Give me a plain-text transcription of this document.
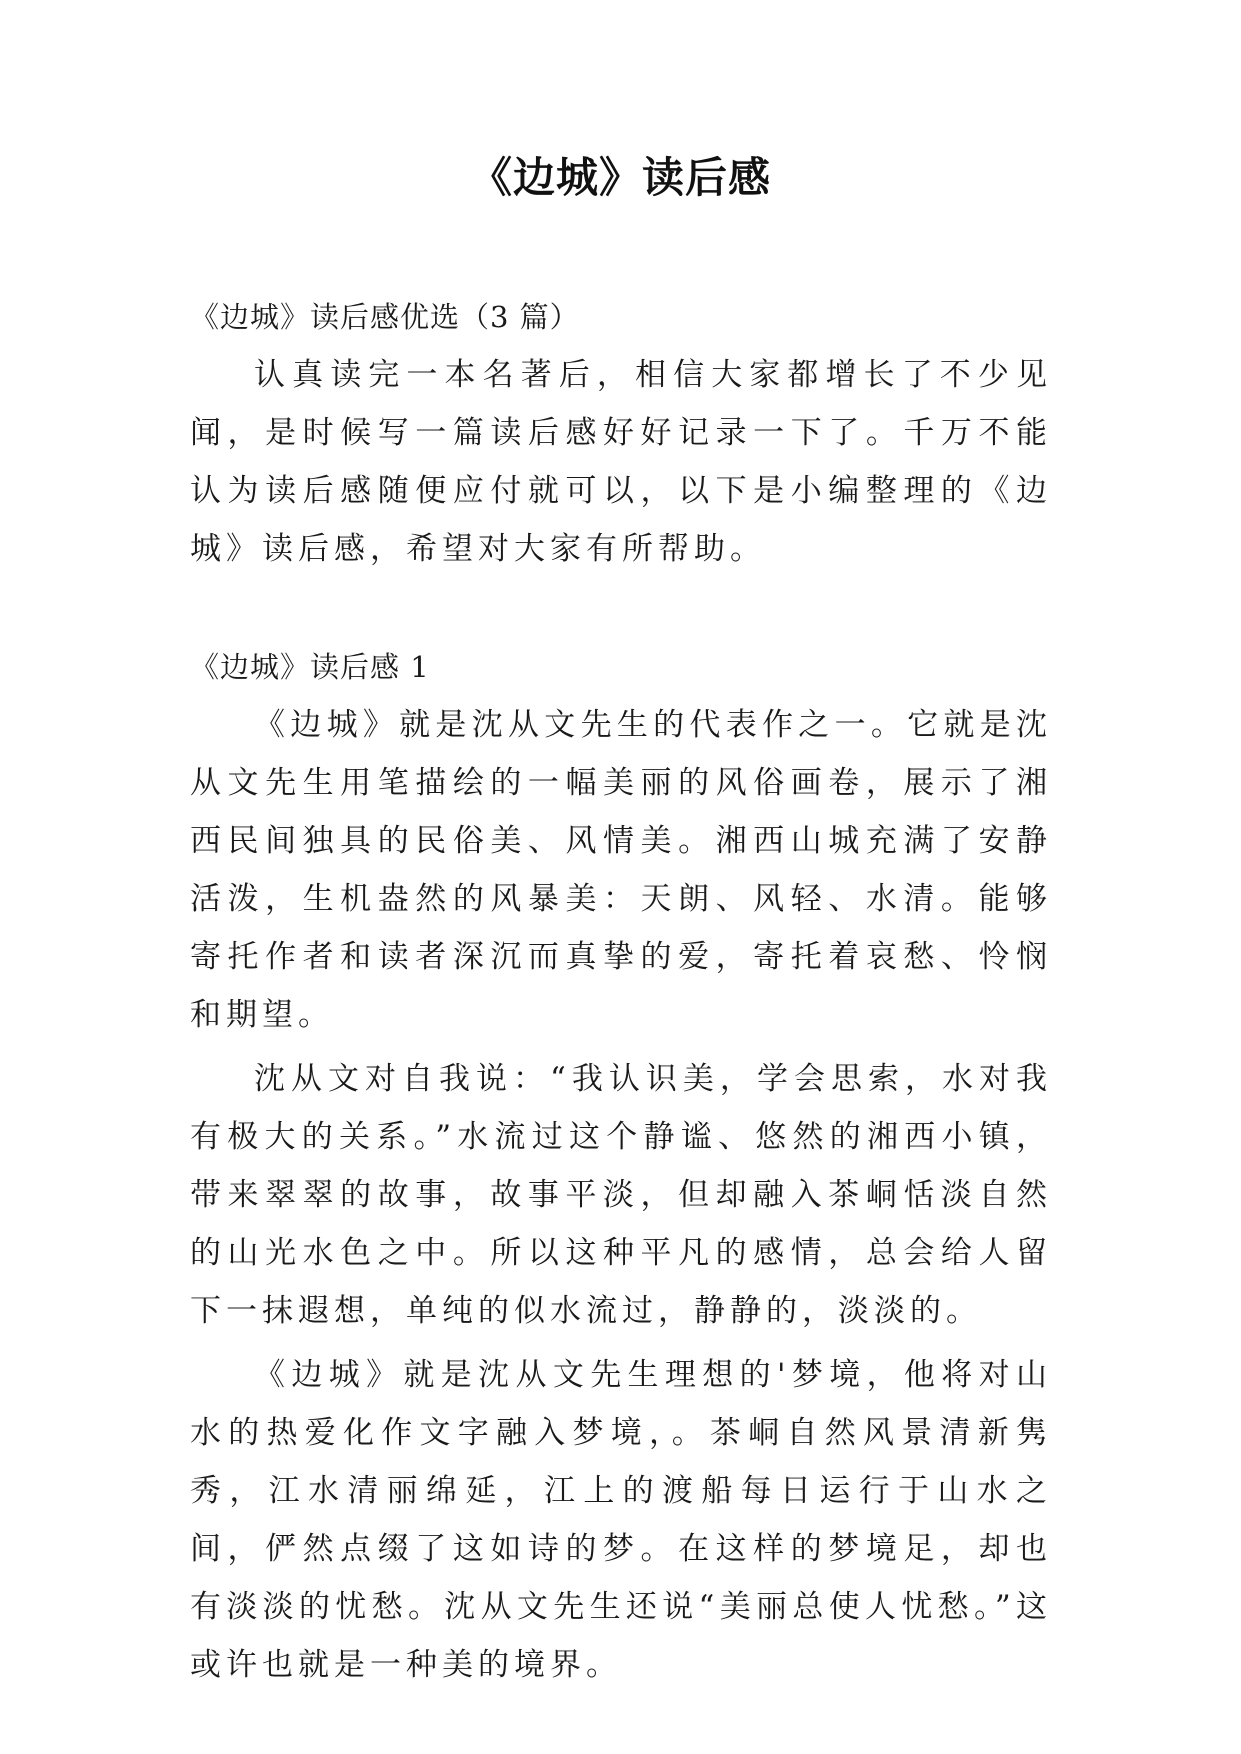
《边城》读后感

《边城》读后感优选（3 篇）

认真读完一本名著后，相信大家都增长了不少见闻，是时候写一篇读后感好好记录一下了。千万不能认为读后感随便应付就可以，以下是小编整理的《边城》读后感，希望对大家有所帮助。

《边城》读后感 1

《边城》就是沈从文先生的代表作之一。它就是沈从文先生用笔描绘的一幅美丽的风俗画卷，展示了湘西民间独具的民俗美、风情美。湘西山城充满了安静活泼，生机盎然的风暴美：天朗、风轻、水清。能够寄托作者和读者深沉而真挚的爱，寄托着哀愁、怜悯和期望。

沈从文对自我说：“我认识美，学会思索，水对我有极大的关系。”水流过这个静谧、悠然的湘西小镇，带来翠翠的故事，故事平淡，但却融入茶峒恬淡自然的山光水色之中。所以这种平凡的感情，总会给人留下一抹遐想，单纯的似水流过，静静的，淡淡的。

《边城》就是沈从文先生理想的'梦境，他将对山水的热爱化作文字融入梦境，。茶峒自然风景清新隽秀，江水清丽绵延，江上的渡船每日运行于山水之间，俨然点缀了这如诗的梦。在这样的梦境足，却也有淡淡的忧愁。沈从文先生还说“美丽总使人忧愁。”这或许也就是一种美的境界。
